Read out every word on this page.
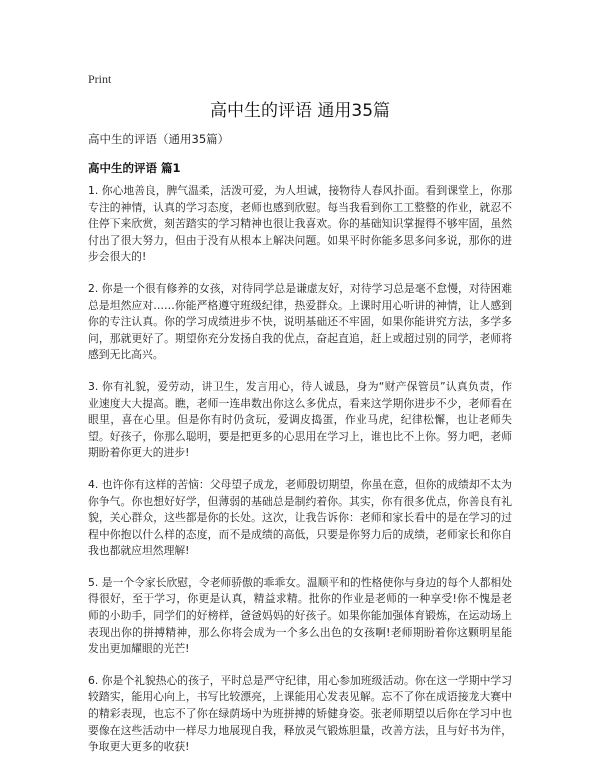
Print
高中生的评语 通用35篇
高中生的评语（通用35篇）
高中生的评语 篇1

1. 你心地善良，脾气温柔，活泼可爱，为人坦诚，接物待人春风扑面。看到课堂上，你那专注的神情，认真的学习态度，老师也感到欣慰。每当我看到你工工整整的作业，就忍不住停下来欣赏，刻苦踏实的学习精神也很让我喜欢。你的基础知识掌握得不够牢固，虽然付出了很大努力，但由于没有从根本上解决问题。如果平时你能多思多问多说，那你的进步会很大的!

2. 你是一个很有修养的女孩，对待同学总是谦虚友好，对待学习总是毫不怠慢，对待困难总是坦然应对……你能严格遵守班级纪律，热爱群众。上课时用心听讲的神情，让人感到你的专注认真。你的学习成绩进步不快，说明基础还不牢固，如果你能讲究方法，多学多问，那就更好了。期望你充分发扬自我的优点，奋起直追，赶上或超过别的同学，老师将感到无比高兴。

3. 你有礼貌，爱劳动，讲卫生，发言用心，待人诚恳，身为“财产保管员”认真负责，作业速度大大提高。瞧，老师一连串数出你这么多优点，看来这学期你进步不少，老师看在眼里，喜在心里。但是你有时仍贪玩，爱调皮捣蛋，作业马虎，纪律松懈，也让老师失望。好孩子，你那么聪明，要是把更多的心思用在学习上，谁也比不上你。努力吧，老师期盼着你更大的进步!

4. 也许你有这样的苦恼：父母望子成龙，老师殷切期望，你虽在意，但你的成绩却不太为你争气。你也想好好学，但薄弱的基础总是制约着你。其实，你有很多优点，你善良有礼貌，关心群众，这些都是你的长处。这次，让我告诉你：老师和家长看中的是在学习的过程中你抱以什么样的态度，而不是成绩的高低，只要是你努力后的成绩，老师家长和你自我也都就应坦然理解!

5. 是一个令家长欣慰，令老师骄傲的乖乖女。温顺平和的性格使你与身边的每个人都相处得很好，至于学习，你更是认真，精益求精。批你的作业是老师的一种享受!你不愧是老师的小助手，同学们的好榜样，爸爸妈妈的好孩子。如果你能加强体育锻炼，在运动场上表现出你的拼搏精神，那么你将会成为一个多么出色的女孩啊!老师期盼着你这颗明星能发出更加耀眼的光芒!

6. 你是个礼貌热心的孩子，平时总是严守纪律，用心参加班级活动。你在这一学期中学习较踏实，能用心向上，书写比较漂亮，上课能用心发表见解。忘不了你在成语接龙大赛中的精彩表现，也忘不了你在绿荫场中为班拼搏的矫健身姿。张老师期望以后你在学习中也要像在这些活动中一样尽力地展现自我，释放灵气锻炼胆量，改善方法，且与好书为伴，争取更大更多的收获!
